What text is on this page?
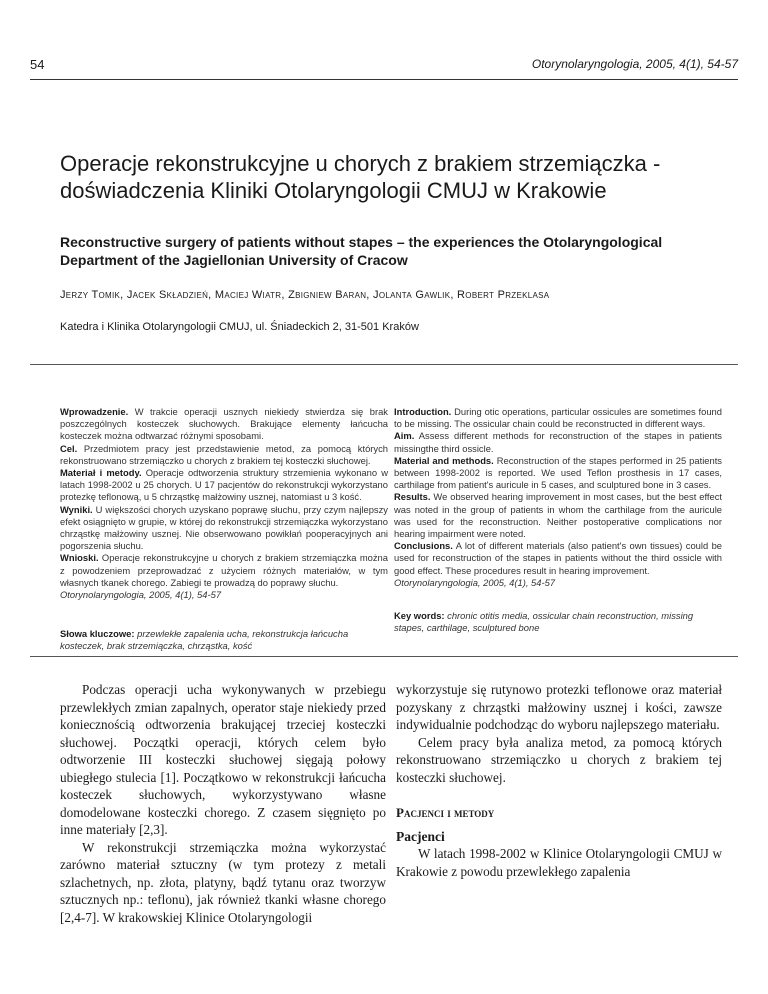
54	Otorynolaryngologia, 2005, 4(1), 54-57
Operacje rekonstrukcyjne u chorych z brakiem strzemiączka -
doświadczenia Kliniki Otolaryngologii CMUJ w Krakowie
Reconstructive surgery of patients without stapes – the experiences the Otolaryngological
Department of the Jagiellonian University of Cracow
Jerzy Tomik, Jacek Składzień, Maciej Wiatr, Zbigniew Baran, Jolanta Gawlik, Robert Przeklasa
Katedra i Klinika Otolaryngologii CMUJ, ul. Śniadeckich 2, 31-501 Kraków

Wprowadzenie. W trakcie operacji usznych niekiedy stwierdza się brak poszczególnych kosteczek słuchowych. Brakujące elementy łańcucha kosteczek można odtwarzać różnymi sposobami.

Cel. Przedmiotem pracy jest przedstawienie metod, za pomocą których rekonstruowano strzemiączko u chorych z brakiem tej kosteczki słuchowej.

Materiał i metody. Operacje odtworzenia struktury strzemienia wykonano w latach 1998-2002 u 25 chorych. U 17 pacjentów do rekonstrukcji wykorzystano protezkę teflonową, u 5 chrząstkę małżowiny usznej, natomiast u 3 kość.

Wyniki. U większości chorych uzyskano poprawę słuchu, przy czym najlepszy efekt osiągnięto w grupie, w której do rekonstrukcji strzemiączka wykorzystano chrząstkę małżowiny usznej. Nie obserwowano powikłań pooperacyjnych ani pogorszenia słuchu.

Wnioski. Operacje rekonstrukcyjne u chorych z brakiem strzemiączka można z powodzeniem przeprowadzać z użyciem różnych materiałów, w tym własnych tkanek chorego. Zabiegi te prowadzą do poprawy słuchu.

Otorynolaryngologia, 2005, 4(1), 54-57

Słowa kluczowe: przewlekłe zapalenia ucha, rekonstrukcja łańcucha kosteczek, brak strzemiączka, chrząstka, kość

Introduction. During otic operations, particular ossicules are sometimes found to be missing. The ossicular chain could be reconstructed in different ways.

Aim. Assess different methods for reconstruction of the stapes in patients missingthe third ossicle.

Material and methods. Reconstruction of the stapes performed in 25 patients between 1998-2002 is reported. We used Teflon prosthesis in 17 cases, carthilage from patient's auricule in 5 cases, and sculptured bone in 3 cases.

Results. We observed hearing improvement in most cases, but the best effect was noted in the group of patients in whom the carthilage from the auricule was used for the reconstruction. Neither postoperative complications nor hearing impairment were noted.

Conclusions. A lot of different materials (also patient's own tissues) could be used for reconstruction of the stapes in patients without the third ossicle with good effect. These procedures result in hearing improvement.

Otorynolaryngologia, 2005, 4(1), 54-57

Key words: chronic otitis media, ossicular chain reconstruction, missing stapes, carthilage, sculptured bone

Podczas operacji ucha wykonywanych w przebiegu przewlekłych zmian zapalnych, operator staje niekiedy przed koniecznością odtworzenia brakującej trzeciej kosteczki słuchowej. Początki operacji, których celem było odtworzenie III kosteczki słuchowej sięgają połowy ubiegłego stulecia [1]. Początkowo w rekonstrukcji łańcucha kosteczek słuchowych, wykorzystywano własne domodelowane kosteczki chorego. Z czasem sięgnięto po inne materiały [2,3].

W rekonstrukcji strzemiączka można wykorzystać zarówno materiał sztuczny (w tym protezy z metali szlachetnych, np. złota, platyny, bądź tytanu oraz tworzyw sztucznych np.: teflonu), jak również tkanki własne chorego [2,4-7]. W krakowskiej Klinice Otolaryngologii

wykorzystuje się rutynowo protezki teflonowe oraz materiał pozyskany z chrząstki małżowiny usznej i kości, zawsze indywidualnie podchodząc do wyboru najlepszego materiału.

Celem pracy była analiza metod, za pomocą których rekonstruowano strzemiączko u chorych z brakiem tej kosteczki słuchowej.

Pacjenci i metody
Pacjenci

W latach 1998-2002 w Klinice Otolaryngologii CMUJ w Krakowie z powodu przewlekłego zapalenia
